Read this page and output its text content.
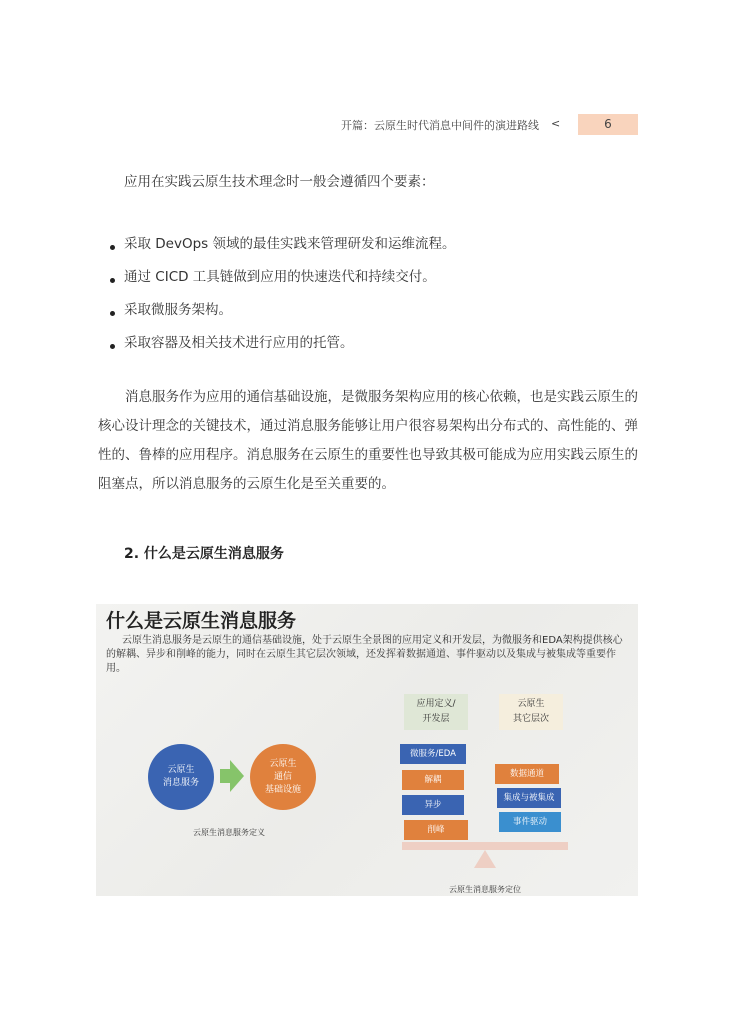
开篇：云原生时代消息中间件的演进路线 <	6
应用在实践云原生技术理念时一般会遵循四个要素：
采取 DevOps 领域的最佳实践来管理研发和运维流程。
通过 CICD 工具链做到应用的快速迭代和持续交付。
采取微服务架构。
采取容器及相关技术进行应用的托管。
消息服务作为应用的通信基础设施，是微服务架构应用的核心依赖，也是实践云原生的核心设计理念的关键技术，通过消息服务能够让用户很容易架构出分布式的、高性能的、弹性的、鲁棒的应用程序。消息服务在云原生的重要性也导致其极可能成为应用实践云原生的阻塞点，所以消息服务的云原生化是至关重要的。
2. 什么是云原生消息服务
什么是云原生消息服务
云原生消息服务是云原生的通信基础设施，处于云原生全景图的应用定义和开发层，为微服务和EDA架构提供核心的解耦、异步和削峰的能力，同时在云原生其它层次领域，还发挥着数据通道、事件驱动以及集成与被集成等重要作用。
应用定义/
开发层
云原生
其它层次
云原生
消息服务
云原生
通信
基础设施
云原生消息服务定义
微服务/EDA
解耦
异步
削峰
数据通道
集成与被集成
事件驱动
云原生消息服务定位
